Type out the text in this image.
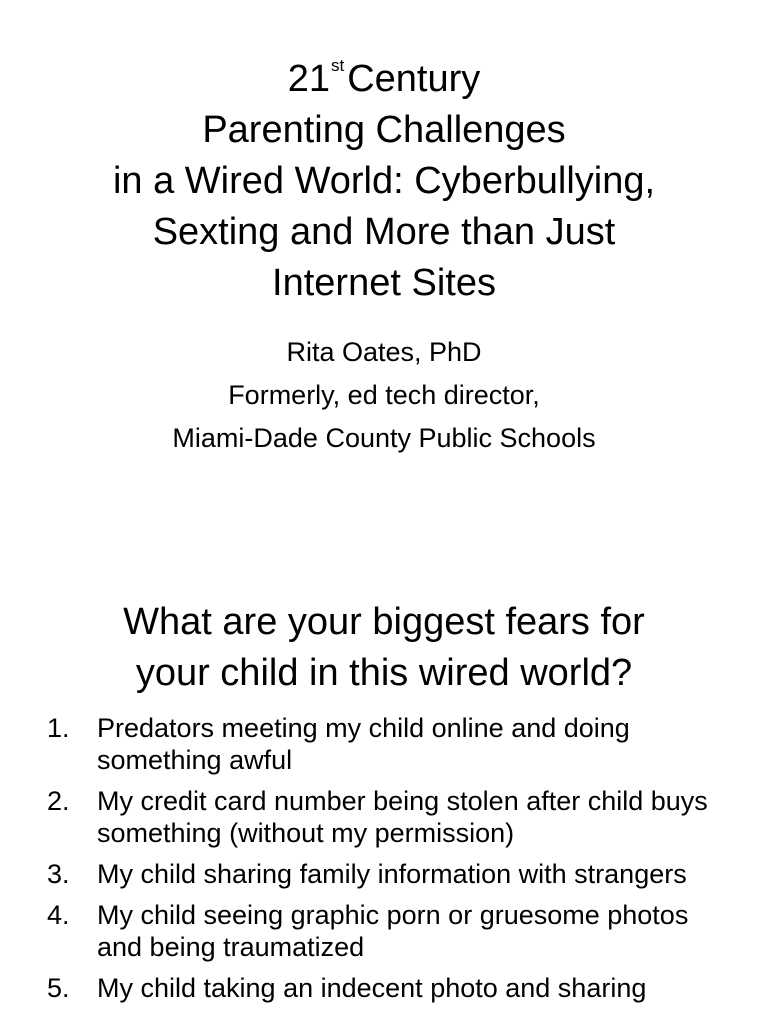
21stCentury
Parenting Challenges
in a Wired World: Cyberbullying,
Sexting and More than Just
Internet Sites
Rita Oates, PhD
Formerly, ed tech director,
Miami-Dade County Public Schools
What are your biggest fears for
your child in this wired world?
1. Predators meeting my child online and doing something awful
2. My credit card number being stolen after child buys something (without my permission)
3. My child sharing family information with strangers
4. My child seeing graphic porn or gruesome photos and being traumatized
5. My child taking an indecent photo and sharing
